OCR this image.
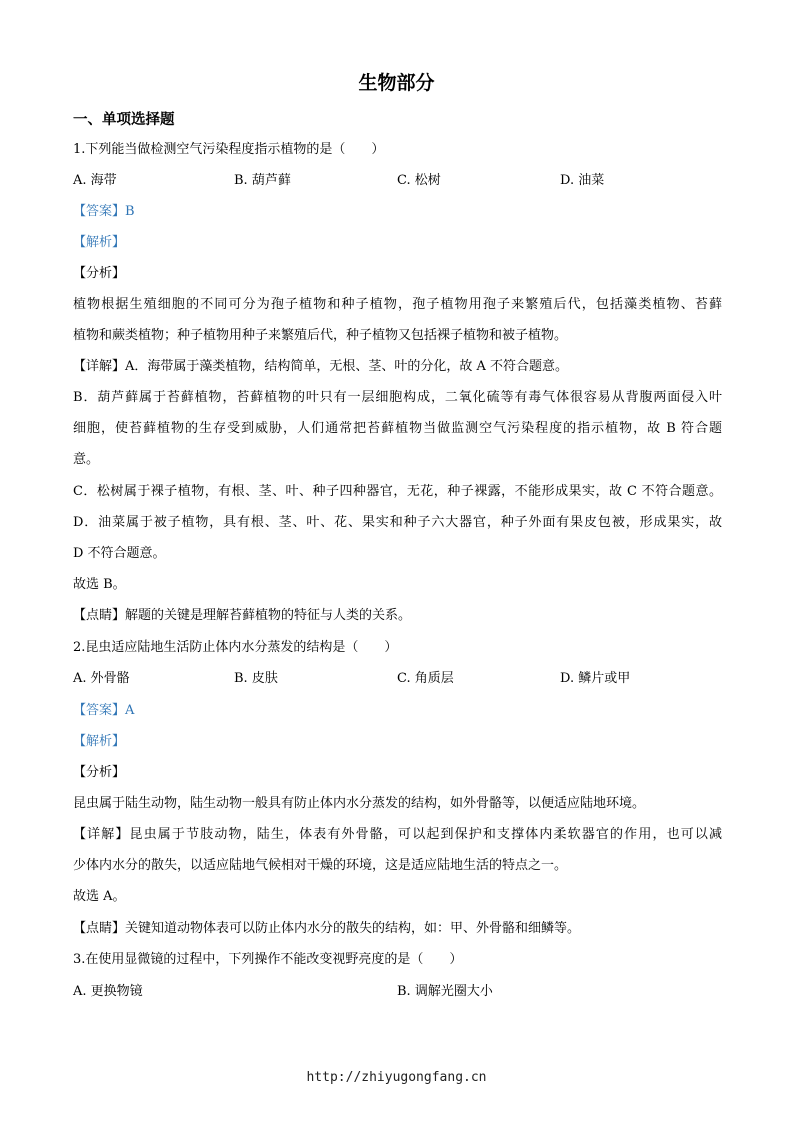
生物部分
一、单项选择题
1.下列能当做检测空气污染程度指示植物的是（　　）
A. 海带	B. 葫芦藓	C. 松树	D. 油菜
【答案】B
【解析】
【分析】
植物根据生殖细胞的不同可分为孢子植物和种子植物，孢子植物用孢子来繁殖后代，包括藻类植物、苔藓
植物和蕨类植物；种子植物用种子来繁殖后代，种子植物又包括裸子植物和被子植物。
【详解】A．海带属于藻类植物，结构简单，无根、茎、叶的分化，故 A 不符合题意。
B．葫芦藓属于苔藓植物，苔藓植物的叶只有一层细胞构成，二氧化硫等有毒气体很容易从背腹两面侵入叶
细胞，使苔藓植物的生存受到威胁，人们通常把苔藓植物当做监测空气污染程度的指示植物，故 B 符合题
意。
C．松树属于裸子植物，有根、茎、叶、种子四种器官，无花，种子裸露，不能形成果实，故 C 不符合题意。
D．油菜属于被子植物，具有根、茎、叶、花、果实和种子六大器官，种子外面有果皮包被，形成果实，故
D 不符合题意。
故选 B。
【点睛】解题的关键是理解苔藓植物的特征与人类的关系。
2.昆虫适应陆地生活防止体内水分蒸发的结构是（　　）
A. 外骨骼	B. 皮肤	C. 角质层	D. 鳞片或甲
【答案】A
【解析】
【分析】
昆虫属于陆生动物，陆生动物一般具有防止体内水分蒸发的结构，如外骨骼等，以便适应陆地环境。
【详解】昆虫属于节肢动物，陆生，体表有外骨骼，可以起到保护和支撑体内柔软器官的作用，也可以减
少体内水分的散失，以适应陆地气候相对干燥的环境，这是适应陆地生活的特点之一。
故选 A。
【点睛】关键知道动物体表可以防止体内水分的散失的结构，如：甲、外骨骼和细鳞等。
3.在使用显微镜的过程中，下列操作不能改变视野亮度的是（　　）
A. 更换物镜	B. 调解光圈大小
http://zhiyugongfang.cn
